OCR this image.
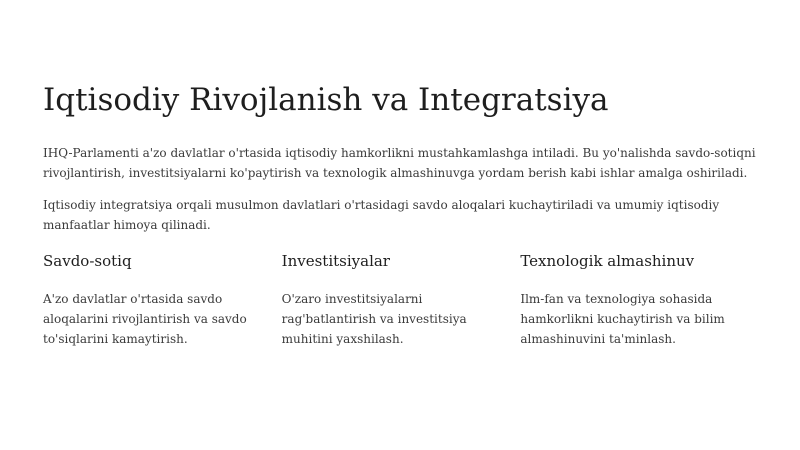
Iqtisodiy Rivojlanish va Integratsiya

IHQ-Parlamenti a'zo davlatlar o'rtasida iqtisodiy hamkorlikni mustahkamlashga intiladi. Bu yo'nalishda savdo-sotiqni rivojlantirish, investitsiyalarni ko'paytirish va texnologik almashinuvga yordam berish kabi ishlar amalga oshiriladi.

Iqtisodiy integratsiya orqali musulmon davlatlari o'rtasidagi savdo aloqalari kuchaytiriladi va umumiy iqtisodiy manfaatlar himoya qilinadi.

Savdo-sotiq

A'zo davlatlar o'rtasida savdo aloqalarini rivojlantirish va savdo to'siqlarini kamaytirish.

Investitsiyalar

O'zaro investitsiyalarni rag'batlantirish va investitsiya muhitini yaxshilash.

Texnologik almashinuv

Ilm-fan va texnologiya sohasida hamkorlikni kuchaytirish va bilim almashinuvini ta'minlash.
